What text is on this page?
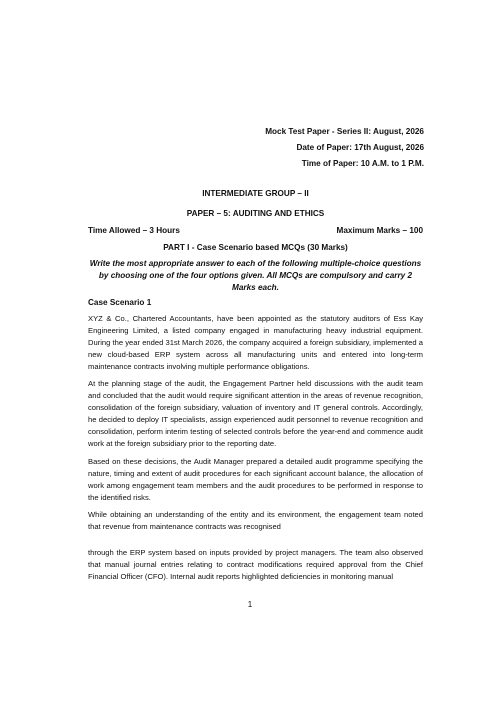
Mock Test Paper - Series II: August, 2026
Date of Paper: 17th August, 2026
Time of Paper: 10 A.M. to 1 P.M.
INTERMEDIATE GROUP – II
PAPER – 5: AUDITING AND ETHICS
Time Allowed – 3 Hours	Maximum Marks – 100
PART I - Case Scenario based MCQs (30 Marks)
Write the most appropriate answer to each of the following multiple-choice questions by choosing one of the four options given. All MCQs are compulsory and carry 2 Marks each.
Case Scenario 1
XYZ & Co., Chartered Accountants, have been appointed as the statutory auditors of Ess Kay Engineering Limited, a listed company engaged in manufacturing heavy industrial equipment. During the year ended 31st March 2026, the company acquired a foreign subsidiary, implemented a new cloud-based ERP system across all manufacturing units and entered into long-term maintenance contracts involving multiple performance obligations.
At the planning stage of the audit, the Engagement Partner held discussions with the audit team and concluded that the audit would require significant attention in the areas of revenue recognition, consolidation of the foreign subsidiary, valuation of inventory and IT general controls. Accordingly, he decided to deploy IT specialists, assign experienced audit personnel to revenue recognition and consolidation, perform interim testing of selected controls before the year-end and commence audit work at the foreign subsidiary prior to the reporting date.
Based on these decisions, the Audit Manager prepared a detailed audit programme specifying the nature, timing and extent of audit procedures for each significant account balance, the allocation of work among engagement team members and the audit procedures to be performed in response to the identified risks.
While obtaining an understanding of the entity and its environment, the engagement team noted that revenue from maintenance contracts was recognised
through the ERP system based on inputs provided by project managers. The team also observed that manual journal entries relating to contract modifications required approval from the Chief Financial Officer (CFO). Internal audit reports highlighted deficiencies in monitoring manual
1
